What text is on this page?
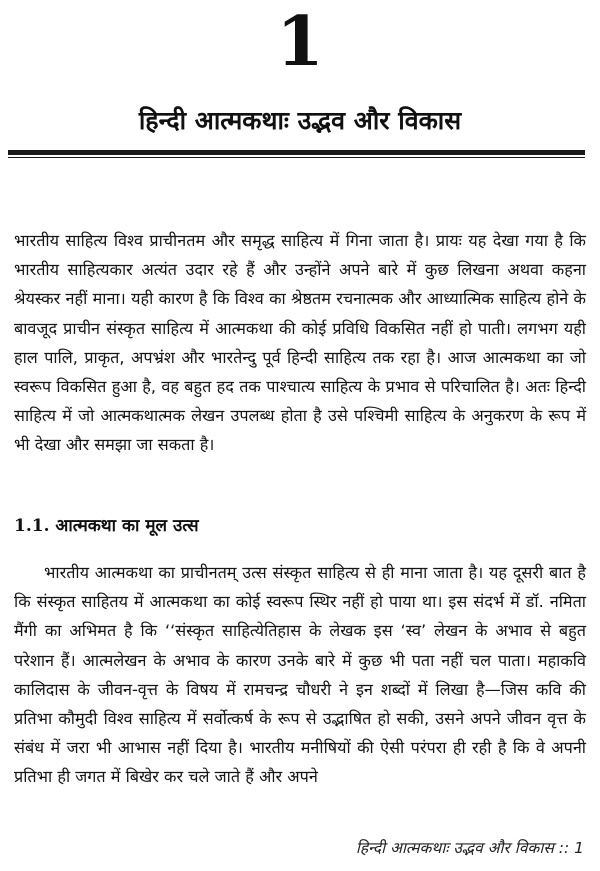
1
हिन्दी आत्मकथाः उद्भव और विकास

भारतीय साहित्य विश्व प्राचीनतम और समृद्ध साहित्य में गिना जाता है। प्रायः यह देखा गया है कि भारतीय साहित्यकार अत्यंत उदार रहे हैं और उन्होंने अपने बारे में कुछ लिखना अथवा कहना श्रेयस्कर नहीं माना। यही कारण है कि विश्व का श्रेष्ठतम रचनात्मक और आध्यात्मिक साहित्य होने के बावजूद प्राचीन संस्कृत साहित्य में आत्मकथा की कोई प्रविधि विकसित नहीं हो पाती। लगभग यही हाल पालि, प्राकृत, अपभ्रंश और भारतेन्दु पूर्व हिन्दी साहित्य तक रहा है। आज आत्मकथा का जो स्वरूप विकसित हुआ है, वह बहुत हद तक पाश्चात्य साहित्य के प्रभाव से परिचालित है। अतः हिन्दी साहित्य में जो आत्मकथात्मक लेखन उपलब्ध होता है उसे पश्चिमी साहित्य के अनुकरण के रूप में भी देखा और समझा जा सकता है।

1.1. आत्मकथा का मूल उत्स

भारतीय आत्मकथा का प्राचीनतम् उत्स संस्कृत साहित्य से ही माना जाता है। यह दूसरी बात है कि संस्कृत साहितय में आत्मकथा का कोई स्वरूप स्थिर नहीं हो पाया था। इस संदर्भ में डॉ. नमिता मैंगी का अभिमत है कि ‘‘संस्कृत साहित्येतिहास के लेखक इस ‘स्व’ लेखन के अभाव से बहुत परेशान हैं। आत्मलेखन के अभाव के कारण उनके बारे में कुछ भी पता नहीं चल पाता। महाकवि कालिदास के जीवन-वृत्त के विषय में रामचन्द्र चौधरी ने इन शब्दों में लिखा है—जिस कवि की प्रतिभा कौमुदी विश्व साहित्य में सर्वोत्कर्ष के रूप से उद्भाषित हो सकी, उसने अपने जीवन वृत्त के संबंध में जरा भी आभास नहीं दिया है। भारतीय मनीषियों की ऐसी परंपरा ही रही है कि वे अपनी प्रतिभा ही जगत में बिखेर कर चले जाते हैं और अपने

हिन्दी आत्मकथाः उद्भव और विकास :: 1
